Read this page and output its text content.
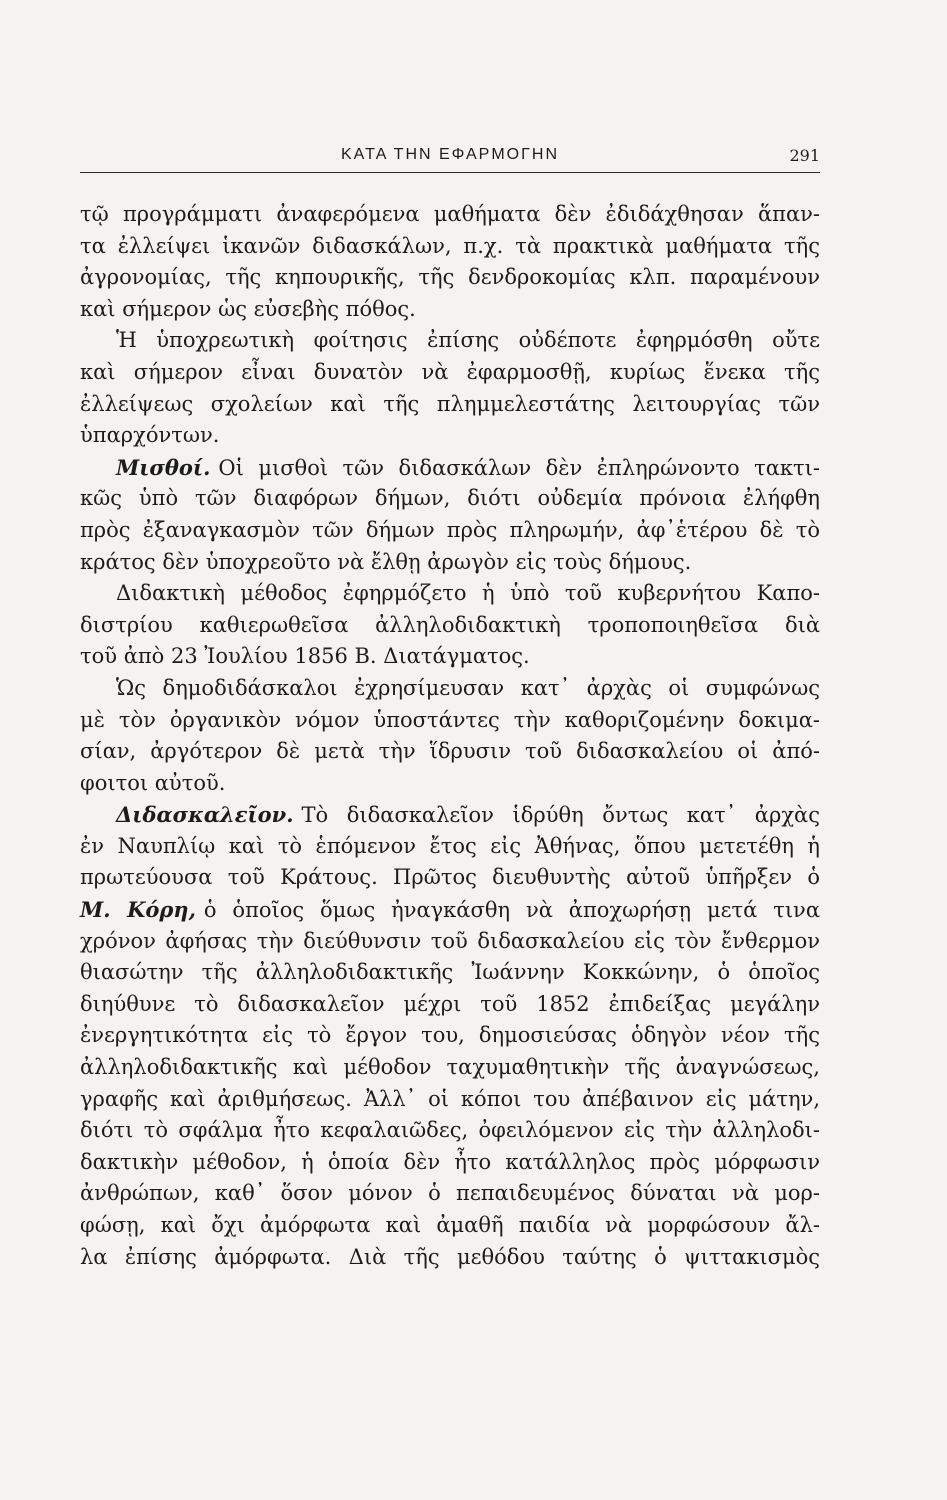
ΚΑΤΑ ΤΗΝ ΕΦΑΡΜΟΓΗΝ	291
τῷ προγράμματι ἀναφερόμενα μαθήματα δὲν ἐδιδάχθησαν ἅπαν-
τα ἐλλείψει ἱκανῶν διδασκάλων, π.χ. τὰ πρακτικὰ μαθήματα τῆς
ἀγρονομίας, τῆς κηπουρικῆς, τῆς δενδροκομίας κλπ. παραμένουν
καὶ σήμερον ὡς εὐσεβὴς πόθος.
Ἡ ὑποχρεωτικὴ φοίτησις ἐπίσης οὐδέποτε ἐφηρμόσθη οὔτε
καὶ σήμερον εἶναι δυνατὸν νὰ ἐφαρμοσθῇ, κυρίως ἕνεκα τῆς
ἐλλείψεως σχολείων καὶ τῆς πλημμελεστάτης λειτουργίας τῶν
ὑπαρχόντων.
Μισθοί. Οἱ μισθοὶ τῶν διδασκάλων δὲν ἐπληρώνοντο τακτι-
κῶς ὑπὸ τῶν διαφόρων δήμων, διότι οὐδεμία πρόνοια ἐλήφθη
πρὸς ἐξαναγκασμὸν τῶν δήμων πρὸς πληρωμήν, ἀφ᾽ἑτέρου δὲ τὸ
κράτος δὲν ὑποχρεοῦτο νὰ ἔλθῃ ἀρωγὸν εἰς τοὺς δήμους.
Διδακτικὴ μέθοδος ἐφηρμόζετο ἡ ὑπὸ τοῦ κυβερνήτου Καπο-
διστρίου καθιερωθεῖσα ἀλληλοδιδακτικὴ τροποποιηθεῖσα διὰ
τοῦ ἀπὸ 23 Ἰουλίου 1856 Β. Διατάγματος.
Ὡς δημοδιδάσκαλοι ἐχρησίμευσαν κατ᾽ ἀρχὰς οἱ συμφώνως
μὲ τὸν ὀργανικὸν νόμον ὑποστάντες τὴν καθοριζομένην δοκιμα-
σίαν, ἀργότερον δὲ μετὰ τὴν ἵδρυσιν τοῦ διδασκαλείου οἱ ἀπό-
φοιτοι αὐτοῦ.
Διδασκαλεῖον. Τὸ διδασκαλεῖον ἱδρύθη ὄντως κατ᾽ ἀρχὰς
ἐν Ναυπλίῳ καὶ τὸ ἑπόμενον ἔτος εἰς Ἀθήνας, ὅπου μετετέθη ἡ
πρωτεύουσα τοῦ Κράτους. Πρῶτος διευθυντὴς αὐτοῦ ὑπῆρξεν ὁ
Μ. Κόρη, ὁ ὁποῖος ὅμως ἠναγκάσθη νὰ ἀποχωρήσῃ μετά τινα
χρόνον ἀφήσας τὴν διεύθυνσιν τοῦ διδασκαλείου εἰς τὸν ἔνθερμον
θιασώτην τῆς ἀλληλοδιδακτικῆς Ἰωάννην Κοκκώνην, ὁ ὁποῖος
διηύθυνε τὸ διδασκαλεῖον μέχρι τοῦ 1852 ἐπιδείξας μεγάλην
ἐνεργητικότητα εἰς τὸ ἔργον του, δημοσιεύσας ὁδηγὸν νέον τῆς
ἀλληλοδιδακτικῆς καὶ μέθοδον ταχυμαθητικὴν τῆς ἀναγνώσεως,
γραφῆς καὶ ἀριθμήσεως. Ἀλλ᾽ οἱ κόποι του ἀπέβαινον εἰς μάτην,
διότι τὸ σφάλμα ἦτο κεφαλαιῶδες, ὀφειλόμενον εἰς τὴν ἀλληλοδι-
δακτικὴν μέθοδον, ἡ ὁποία δὲν ἦτο κατάλληλος πρὸς μόρφωσιν
ἀνθρώπων, καθ᾽ ὅσον μόνον ὁ πεπαιδευμένος δύναται νὰ μορ-
φώσῃ, καὶ ὄχι ἀμόρφωτα καὶ ἀμαθῆ παιδία νὰ μορφώσουν ἄλ-
λα ἐπίσης ἀμόρφωτα. Διὰ τῆς μεθόδου ταύτης ὁ ψιττακισμὸς
